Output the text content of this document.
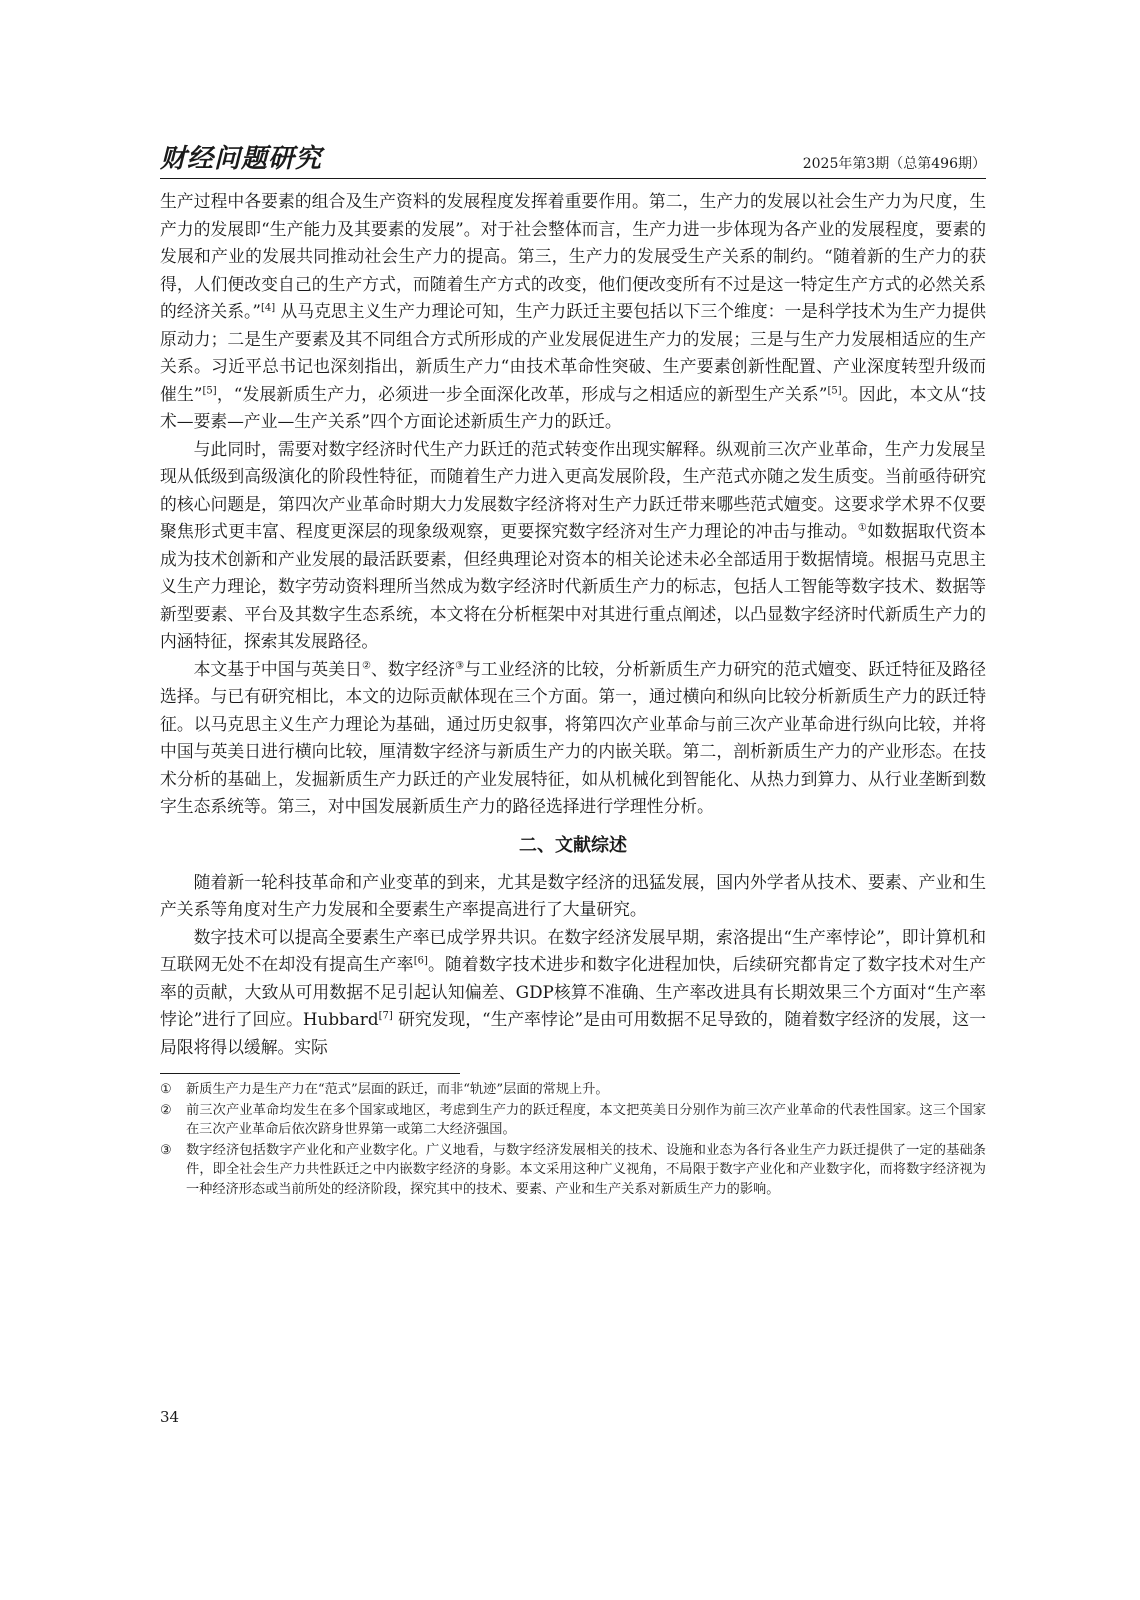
财经问题研究	2025年第3期（总第496期）

生产过程中各要素的组合及生产资料的发展程度发挥着重要作用。第二，生产力的发展以社会生产力为尺度，生产力的发展即“生产能力及其要素的发展”。对于社会整体而言，生产力进一步体现为各产业的发展程度，要素的发展和产业的发展共同推动社会生产力的提高。第三，生产力的发展受生产关系的制约。“随着新的生产力的获得，人们便改变自己的生产方式，而随着生产方式的改变，他们便改变所有不过是这一特定生产方式的必然关系的经济关系。”[4] 从马克思主义生产力理论可知，生产力跃迁主要包括以下三个维度：一是科学技术为生产力提供原动力；二是生产要素及其不同组合方式所形成的产业发展促进生产力的发展；三是与生产力发展相适应的生产关系。习近平总书记也深刻指出，新质生产力“由技术革命性突破、生产要素创新性配置、产业深度转型升级而催生”[5]，“发展新质生产力，必须进一步全面深化改革，形成与之相适应的新型生产关系”[5]。因此，本文从“技术—要素—产业—生产关系”四个方面论述新质生产力的跃迁。

与此同时，需要对数字经济时代生产力跃迁的范式转变作出现实解释。纵观前三次产业革命，生产力发展呈现从低级到高级演化的阶段性特征，而随着生产力进入更高发展阶段，生产范式亦随之发生质变。当前亟待研究的核心问题是，第四次产业革命时期大力发展数字经济将对生产力跃迁带来哪些范式嬗变。这要求学术界不仅要聚焦形式更丰富、程度更深层的现象级观察，更要探究数字经济对生产力理论的冲击与推动。①如数据取代资本成为技术创新和产业发展的最活跃要素，但经典理论对资本的相关论述未必全部适用于数据情境。根据马克思主义生产力理论，数字劳动资料理所当然成为数字经济时代新质生产力的标志，包括人工智能等数字技术、数据等新型要素、平台及其数字生态系统，本文将在分析框架中对其进行重点阐述，以凸显数字经济时代新质生产力的内涵特征，探索其发展路径。

本文基于中国与英美日②、数字经济③与工业经济的比较，分析新质生产力研究的范式嬗变、跃迁特征及路径选择。与已有研究相比，本文的边际贡献体现在三个方面。第一，通过横向和纵向比较分析新质生产力的跃迁特征。以马克思主义生产力理论为基础，通过历史叙事，将第四次产业革命与前三次产业革命进行纵向比较，并将中国与英美日进行横向比较，厘清数字经济与新质生产力的内嵌关联。第二，剖析新质生产力的产业形态。在技术分析的基础上，发掘新质生产力跃迁的产业发展特征，如从机械化到智能化、从热力到算力、从行业垄断到数字生态系统等。第三，对中国发展新质生产力的路径选择进行学理性分析。

二、文献综述

随着新一轮科技革命和产业变革的到来，尤其是数字经济的迅猛发展，国内外学者从技术、要素、产业和生产关系等角度对生产力发展和全要素生产率提高进行了大量研究。

数字技术可以提高全要素生产率已成学界共识。在数字经济发展早期，索洛提出“生产率悖论”，即计算机和互联网无处不在却没有提高生产率[6]。随着数字技术进步和数字化进程加快，后续研究都肯定了数字技术对生产率的贡献，大致从可用数据不足引起认知偏差、GDP核算不准确、生产率改进具有长期效果三个方面对“生产率悖论”进行了回应。Hubbard[7] 研究发现，“生产率悖论”是由可用数据不足导致的，随着数字经济的发展，这一局限将得以缓解。实际

①	新质生产力是生产力在“范式”层面的跃迁，而非“轨迹”层面的常规上升。
②	前三次产业革命均发生在多个国家或地区，考虑到生产力的跃迁程度，本文把英美日分别作为前三次产业革命的代表性国家。这三个国家在三次产业革命后依次跻身世界第一或第二大经济强国。
③	数字经济包括数字产业化和产业数字化。广义地看，与数字经济发展相关的技术、设施和业态为各行各业生产力跃迁提供了一定的基础条件，即全社会生产力共性跃迁之中内嵌数字经济的身影。本文采用这种广义视角，不局限于数字产业化和产业数字化，而将数字经济视为一种经济形态或当前所处的经济阶段，探究其中的技术、要素、产业和生产关系对新质生产力的影响。
34
